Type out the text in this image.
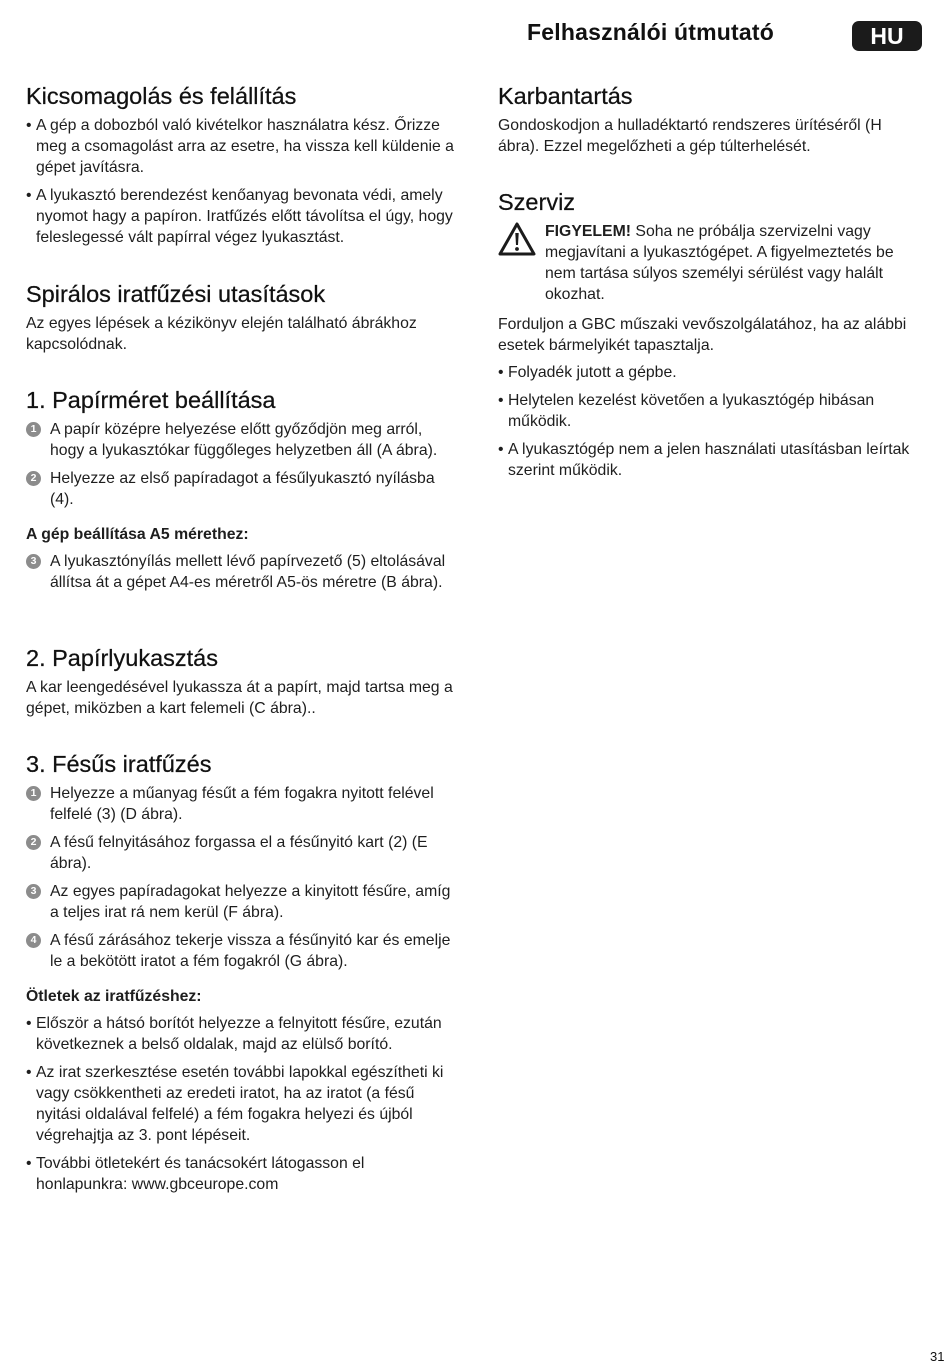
Felhasználói útmutató	HU
Kicsomagolás és felállítás
• A gép a dobozból való kivételkor használatra kész. Őrizze meg a csomagolást arra az esetre, ha vissza kell küldenie a gépet javításra.
• A lyukasztó berendezést kenőanyag bevonata védi, amely nyomot hagy a papíron. Iratfűzés előtt távolítsa el úgy, hogy feleslegessé vált papírral végez lyukasztást.
Spirálos iratfűzési utasítások

Az egyes lépések a kézikönyv elején található ábrákhoz kapcsolódnak.

1. Papírméret beállítása
1 A papír középre helyezése előtt győződjön meg arról, hogy a lyukasztókar függőleges helyzetben áll (A ábra).
2 Helyezze az első papíradagot a fésűlyukasztó nyílásba (4).

A gép beállítása A5 mérethez:

3 A lyukasztónyílás mellett lévő papírvezető (5) eltolásával állítsa át a gépet A4-es méretről A5-ös méretre (B ábra).
2. Papírlyukasztás

A kar leengedésével lyukassza át a papírt, majd tartsa meg a gépet, miközben a kart felemeli (C ábra)..

3. Fésűs iratfűzés
1 Helyezze a műanyag fésűt a fém fogakra nyitott felével felfelé (3) (D ábra).
2 A fésű felnyitásához forgassa el a fésűnyitó kart (2) (E ábra).
3 Az egyes papíradagokat helyezze a kinyitott fésűre, amíg a teljes irat rá nem kerül (F ábra).
4 A fésű zárásához tekerje vissza a fésűnyitó kar és emelje le a bekötött iratot a fém fogakról (G ábra).

Ötletek az iratfűzéshez:

• Először a hátsó borítót helyezze a felnyitott fésűre, ezután következnek a belső oldalak, majd az elülső borító.
• Az irat szerkesztése esetén további lapokkal egészítheti ki vagy csökkentheti az eredeti iratot, ha az iratot (a fésű nyitási oldalával felfelé) a fém fogakra helyezi és újból végrehajtja az 3. pont lépéseit.
• További ötletekért és tanácsokért látogasson el honlapunkra: www.gbceurope.com
Karbantartás

Gondoskodjon a hulladéktartó rendszeres ürítéséről (H ábra). Ezzel megelőzheti a gép túlterhelését.

Szerviz
FIGYELEM! Soha ne próbálja szervizelni vagy megjavítani a lyukasztógépet. A figyelmeztetés be nem tartása súlyos személyi sérülést vagy halált okozhat.

Forduljon a GBC műszaki vevőszolgálatához, ha az alábbi esetek bármelyikét tapasztalja.

• Folyadék jutott a gépbe.
• Helytelen kezelést követően a lyukasztógép hibásan működik.
• A lyukasztógép nem a jelen használati utasításban leírtak szerint működik.
31
